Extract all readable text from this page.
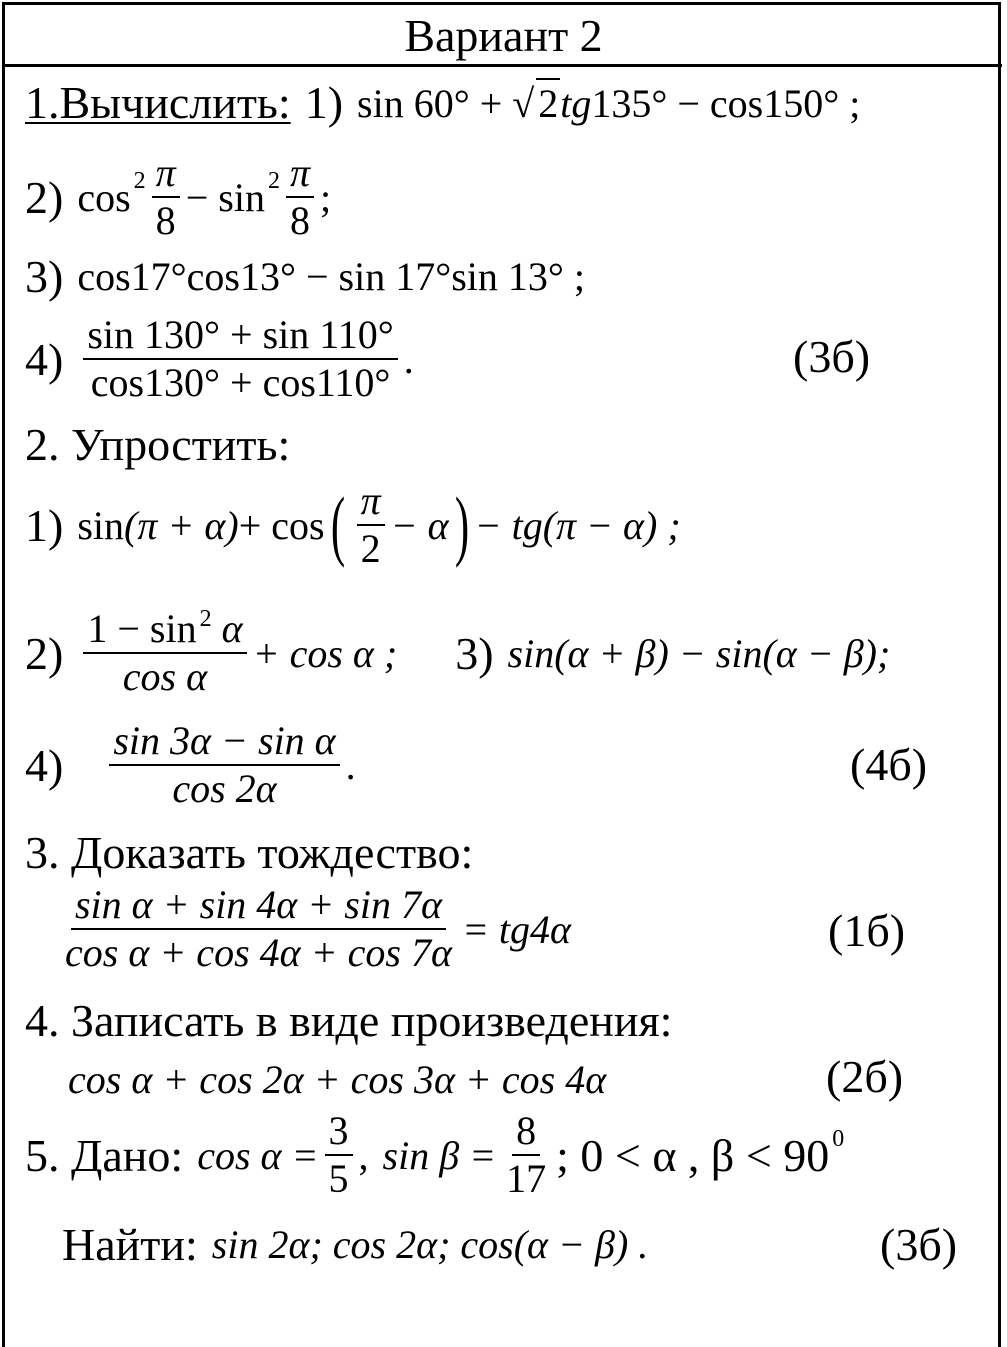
Вариант 2
1.Вычислить: 1) sin 60° + √ 2tg135° − cos150° ;
2) $\cos 2 \frac{\pi}{8} - \sin 2 \frac{\pi}{8}$ ;
3) cos17°cos13° − sin 17°sin 13° ;
$4) \frac{\sin 130^\circ + \sin 110^\circ}{\cos 130^\circ + \cos 110^\circ}$ .	(3б)
2. Упростить:
1) sin (π + α) + cos ( $\frac{\pi}{2} - \alpha$ ) − tg(π − α) ;
$2) \frac{1 - \sin ^2 \alpha}{\text{cos α}} + \cos \alpha$ ; 3) sin(α + β) − sin(α − β);
$4) \frac{\text{sin 3α − sin α}}{\cos 2\alpha}$ .	(4б)
3. Доказать тождество:
$\frac{\text{sin α + sin 4α + sin 7α}}{\text{cos α + cos 4α + cos 7α}} = tg4\alpha$	(1б)
4. Записать в виде произведения:
cos α + cos 2α + cos 3α + cos 4α	(2б)
5. Дано: $\cos \alpha = \frac{3}{5}$ , $\sin \beta = \frac{8}{17}$ ; 0 < α , β < 90 0
Найти: sin 2α; cos 2α; cos(α − β) .	(3б)
